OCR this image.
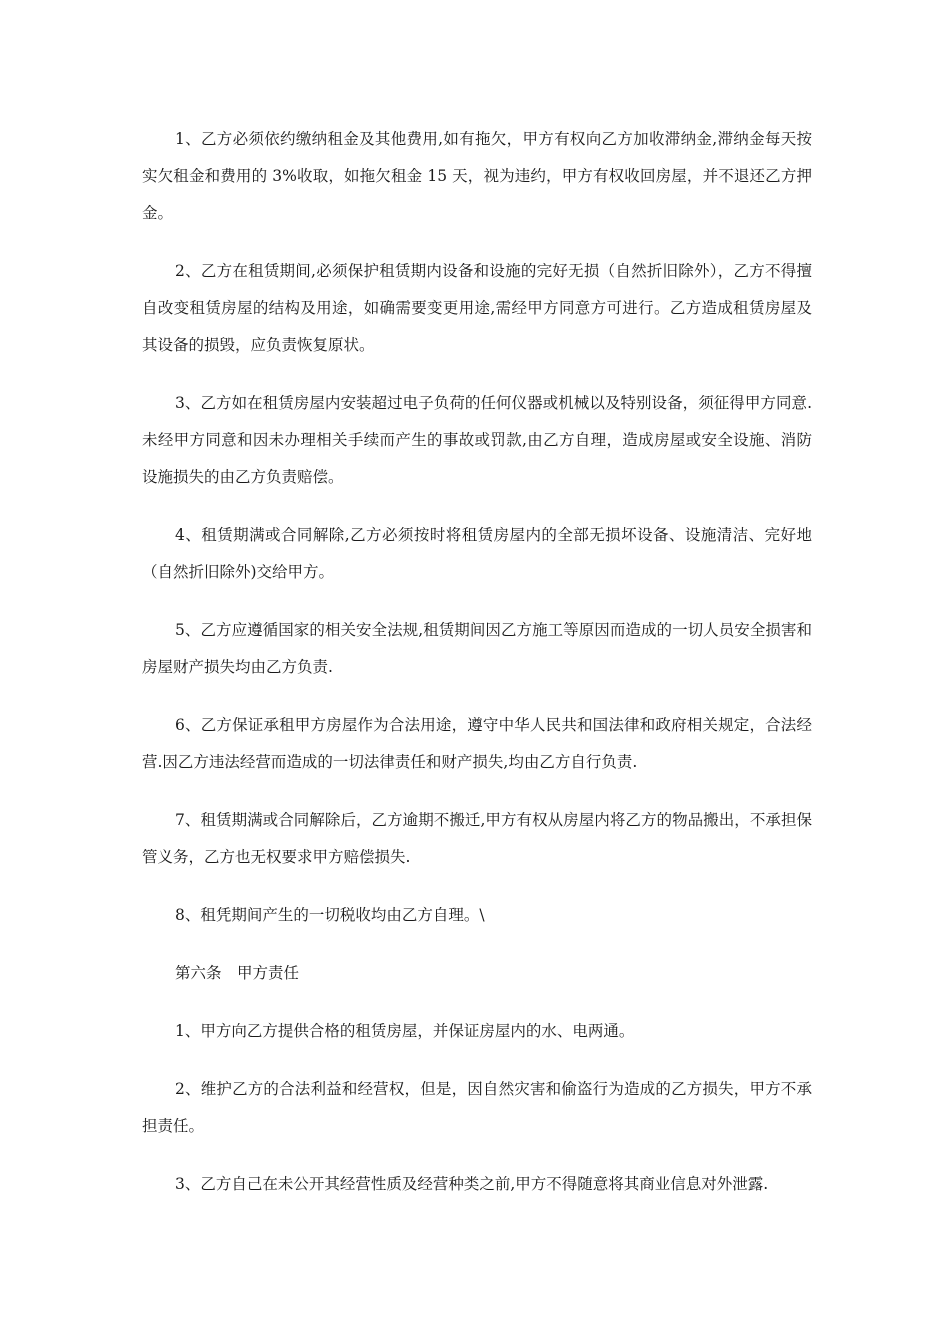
1、乙方必须依约缴纳租金及其他费用,如有拖欠，甲方有权向乙方加收滞纳金,滞纳金每天按实欠租金和费用的 3%收取，如拖欠租金 15 天，视为违约，甲方有权收回房屋，并不退还乙方押金。

2、乙方在租赁期间,必须保护租赁期内设备和设施的完好无损（自然折旧除外），乙方不得擅自改变租赁房屋的结构及用途，如确需要变更用途,需经甲方同意方可进行。乙方造成租赁房屋及其设备的损毁，应负责恢复原状。

3、乙方如在租赁房屋内安装超过电子负荷的任何仪器或机械以及特别设备，须征得甲方同意.未经甲方同意和因未办理相关手续而产生的事故或罚款,由乙方自理，造成房屋或安全设施、消防设施损失的由乙方负责赔偿。

4、租赁期满或合同解除,乙方必须按时将租赁房屋内的全部无损坏设备、设施清洁、完好地（自然折旧除外)交给甲方。

5、乙方应遵循国家的相关安全法规,租赁期间因乙方施工等原因而造成的一切人员安全损害和房屋财产损失均由乙方负责.

6、乙方保证承租甲方房屋作为合法用途，遵守中华人民共和国法律和政府相关规定，合法经营.因乙方违法经营而造成的一切法律责任和财产损失,均由乙方自行负责.

7、租赁期满或合同解除后，乙方逾期不搬迁,甲方有权从房屋内将乙方的物品搬出，不承担保管义务，乙方也无权要求甲方赔偿损失.

8、租凭期间产生的一切税收均由乙方自理。\

第六条　甲方责任

1、甲方向乙方提供合格的租赁房屋，并保证房屋内的水、电两通。

2、维护乙方的合法利益和经营权，但是，因自然灾害和偷盗行为造成的乙方损失，甲方不承担责任。

3、乙方自己在未公开其经营性质及经营种类之前,甲方不得随意将其商业信息对外泄露.
